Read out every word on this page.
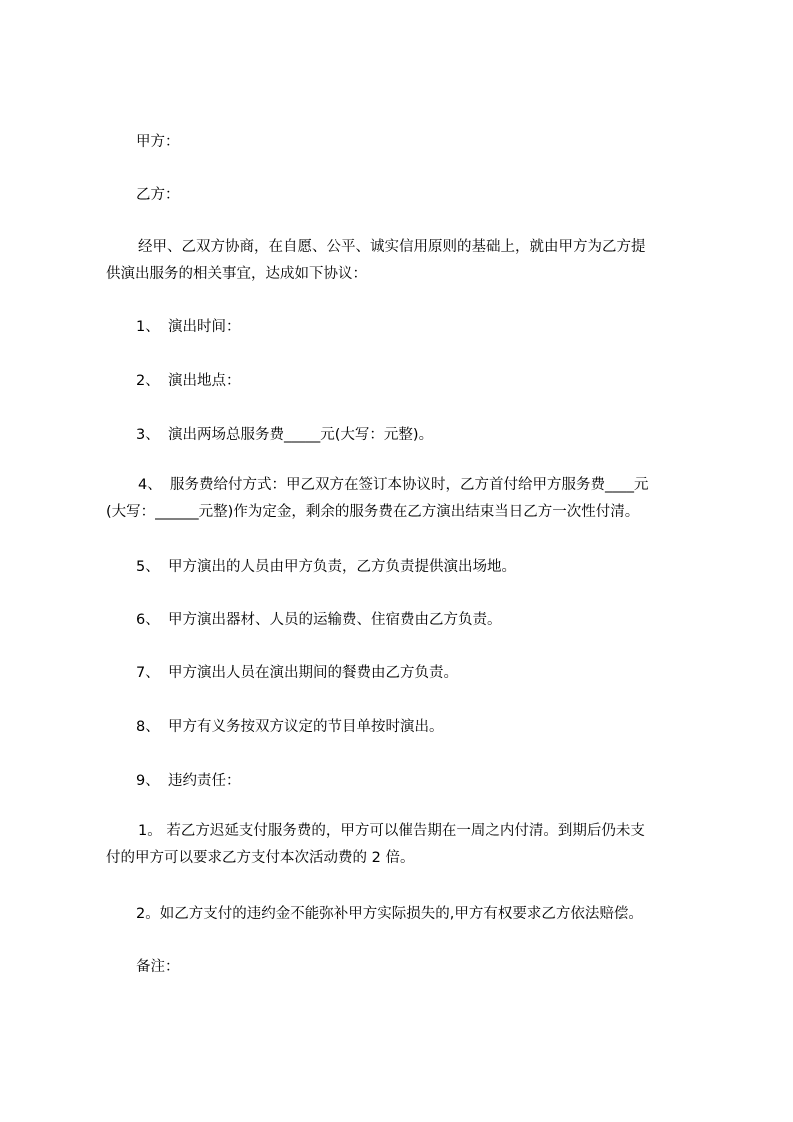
甲方：
乙方：
经甲、乙双方协商，在自愿、公平、诚实信用原则的基础上，就由甲方为乙方提
供演出服务的相关事宜，达成如下协议：
1、 演出时间：
2、 演出地点：
3、 演出两场总服务费_____元(大写：元整)。
4、 服务费给付方式：甲乙双方在签订本协议时，乙方首付给甲方服务费____元
(大写：______元整)作为定金，剩余的服务费在乙方演出结束当日乙方一次性付清。
5、 甲方演出的人员由甲方负责，乙方负责提供演出场地。
6、 甲方演出器材、人员的运输费、住宿费由乙方负责。
7、 甲方演出人员在演出期间的餐费由乙方负责。
8、 甲方有义务按双方议定的节目单按时演出。
9、 违约责任：
1。 若乙方迟延支付服务费的，甲方可以催告期在一周之内付清。到期后仍未支
付的甲方可以要求乙方支付本次活动费的 2 倍。
2。如乙方支付的违约金不能弥补甲方实际损失的,甲方有权要求乙方依法赔偿。
备注：
